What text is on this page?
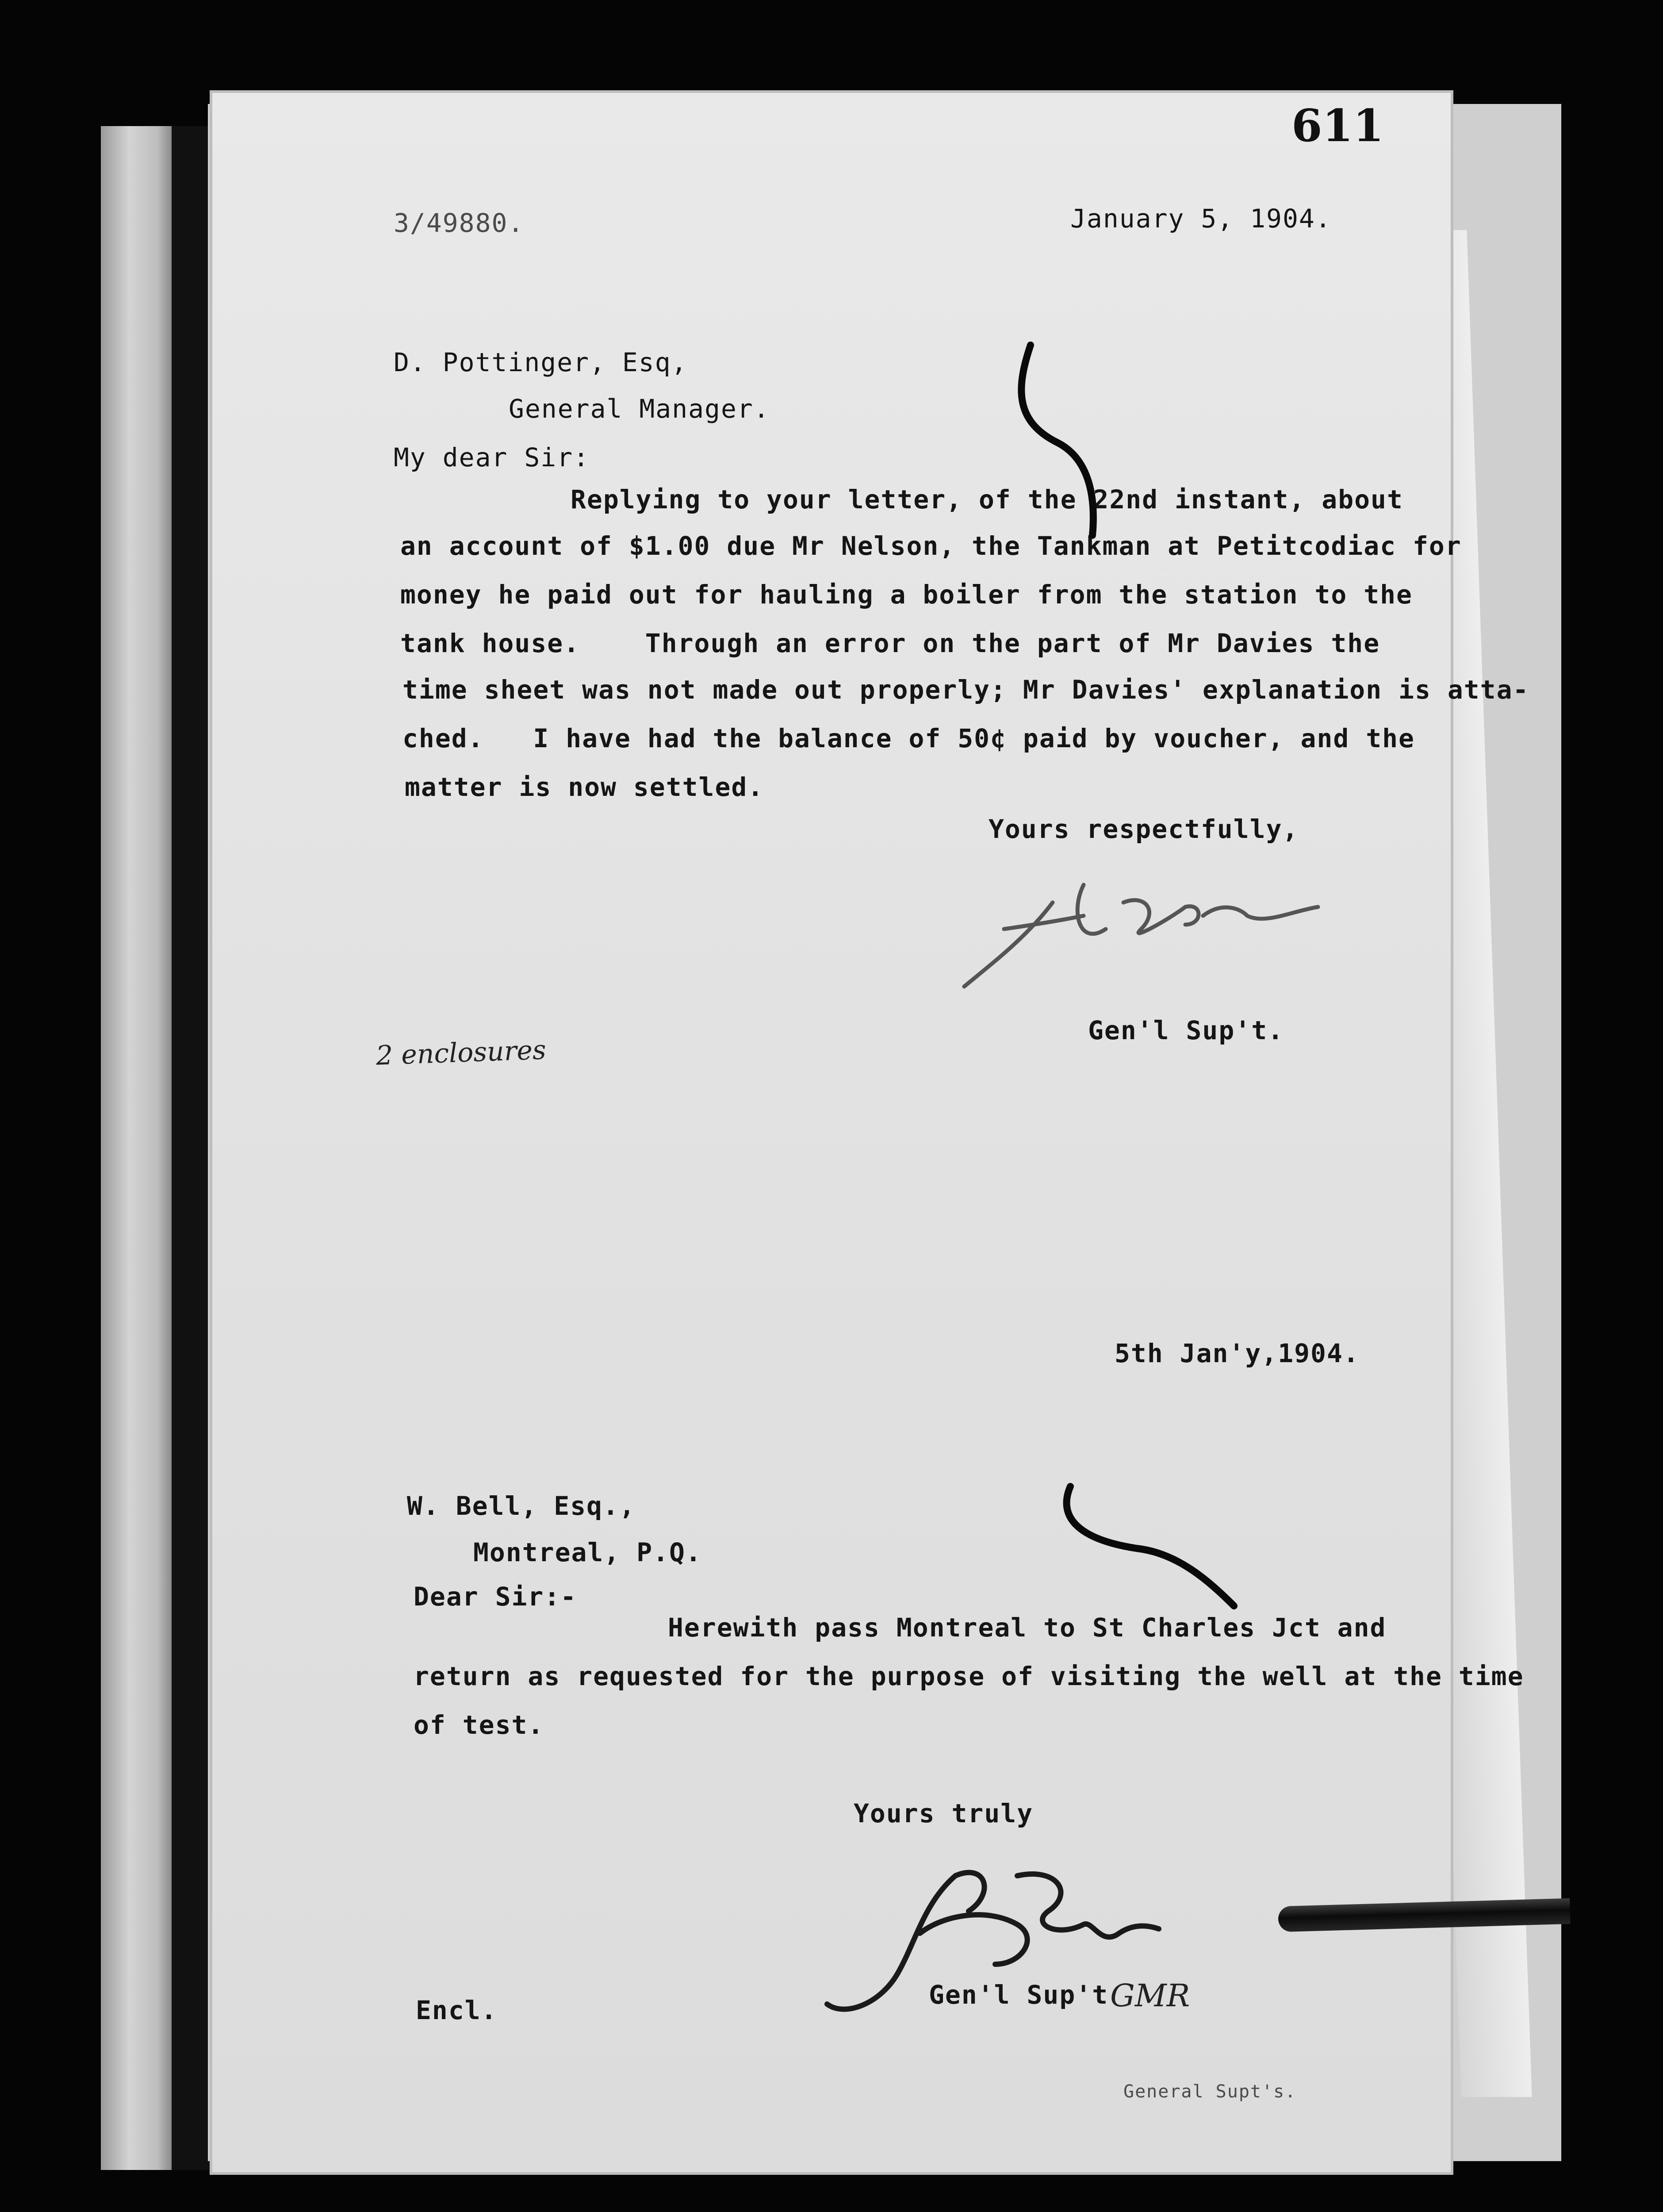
611
3/49880.	January 5, 1904.
D. Pottinger, Esq,
General Manager.
My dear Sir:
Replying to your letter, of the 22nd instant, about
an account of $1.00 due Mr Nelson, the Tankman at Petitcodiac for
money he paid out for hauling a boiler from the station to the
tank house.    Through an error on the part of Mr Davies the
time sheet was not made out properly; Mr Davies' explanation is atta-
ched.   I have had the balance of 50¢ paid by voucher, and the
matter is now settled.
Yours respectfully,
Gen'l Sup't.
2 enclosures
5th Jan'y,1904.
W. Bell, Esq.,
Montreal, P.Q.
Dear Sir:-
Herewith pass Montreal to St Charles Jct and
return as requested for the purpose of visiting the well at the time
of test.
Yours truly
Gen'l Sup't GMR
Encl.
General Supt's.
